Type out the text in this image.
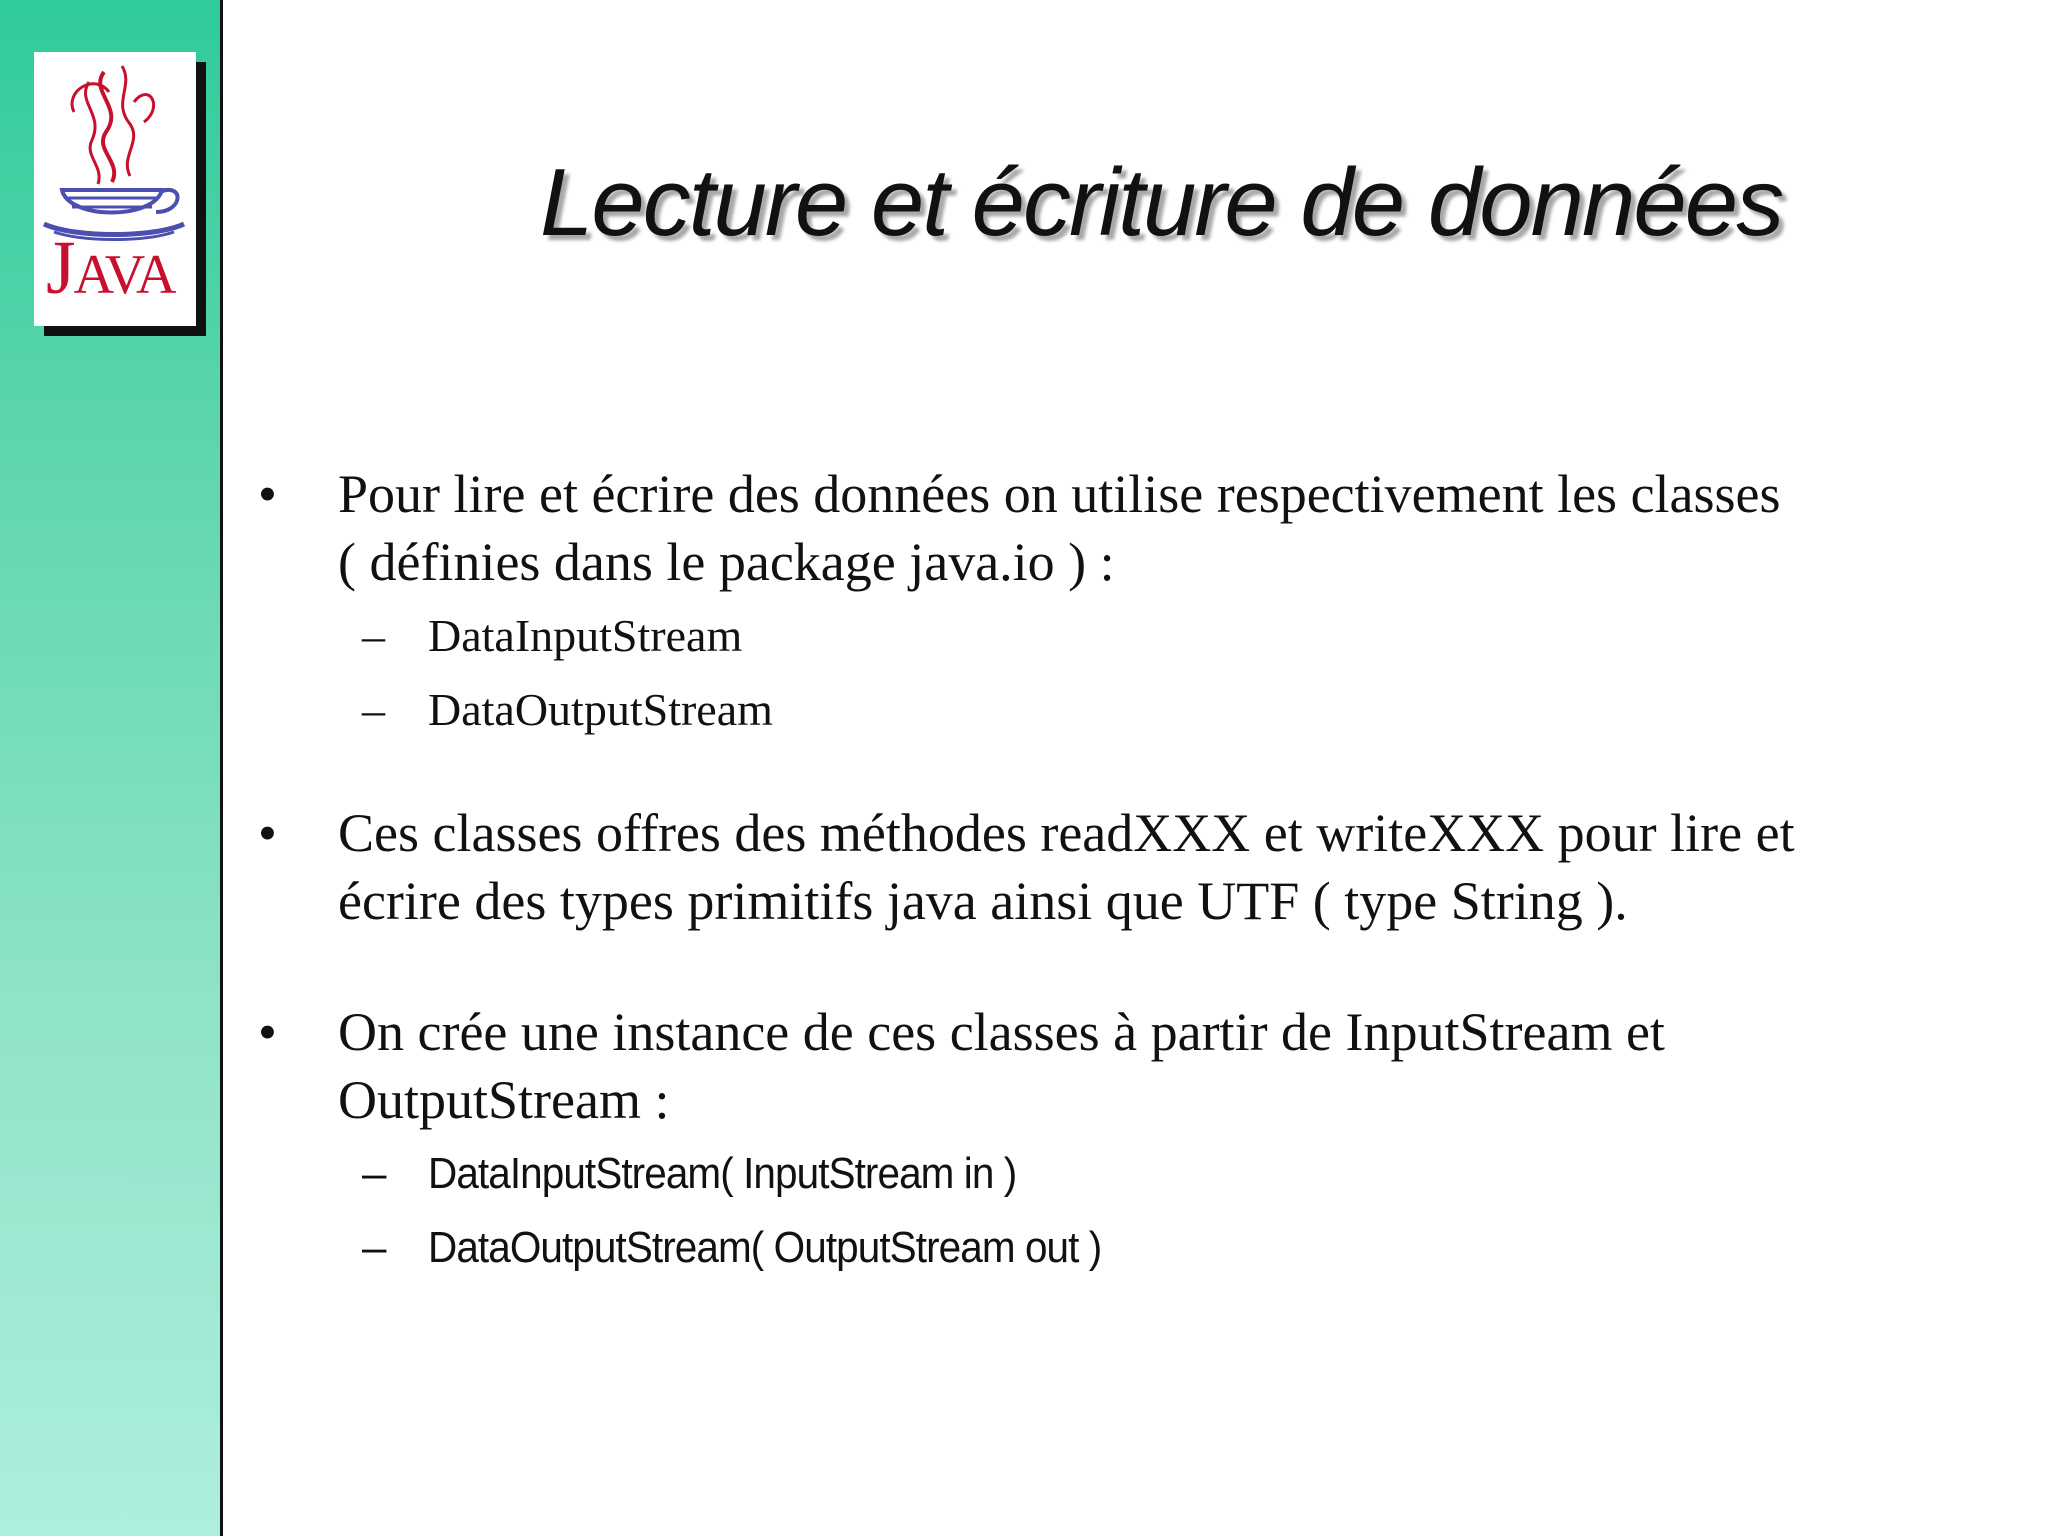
JAVA
Lecture et écriture de données
• Pour lire et écrire des données on utilise respectivement les classes
( définies dans le package java.io ) :
– DataInputStream
– DataOutputStream
• Ces classes offres des méthodes readXXX et writeXXX pour lire et
écrire des types primitifs java ainsi que UTF ( type String ).
• On crée une instance de ces classes à partir de InputStream et
OutputStream :
– DataInputStream( InputStream in )
– DataOutputStream( OutputStream out )
